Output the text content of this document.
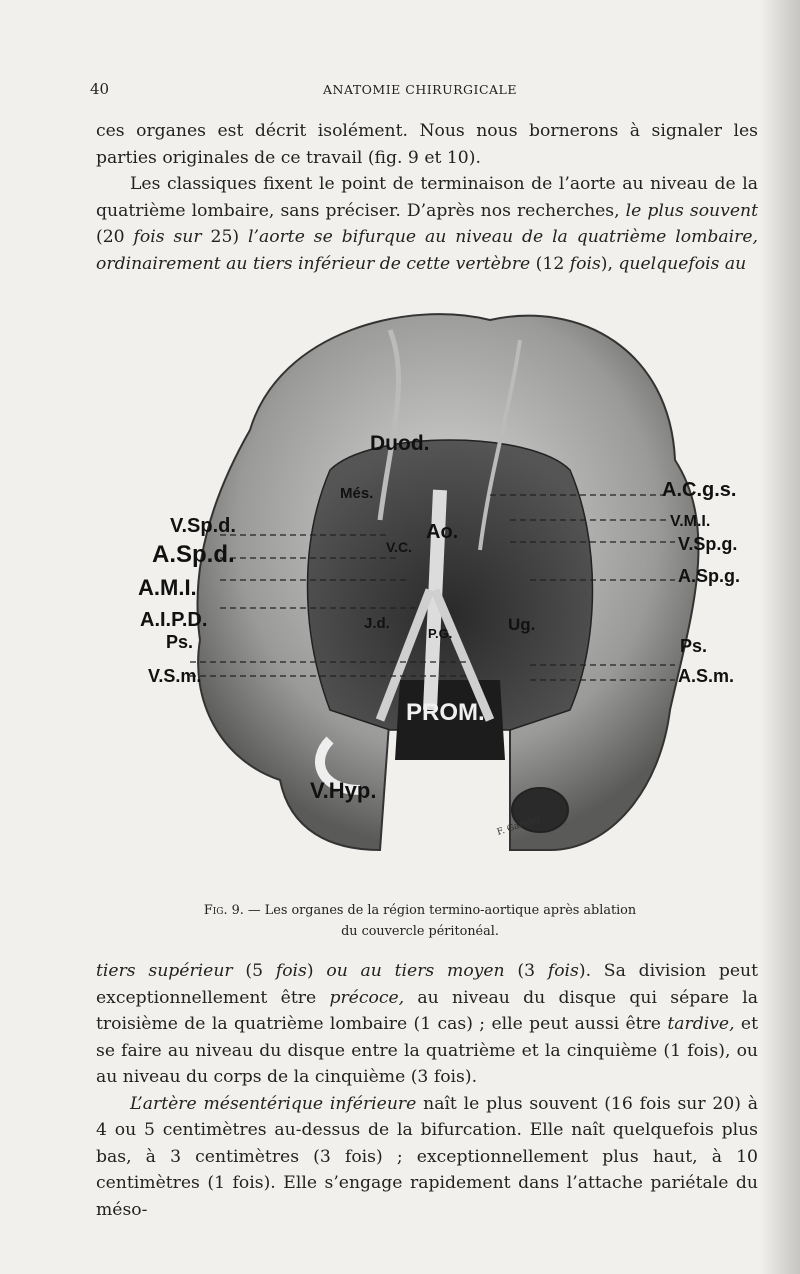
40	ANATOMIE CHIRURGICALE

ces organes est décrit isolément. Nous nous bornerons à signaler les parties originales de ce travail (fig. 9 et 10).

Les classiques fixent le point de terminaison de l’aorte au niveau de la quatrième lombaire, sans préciser. D’après nos recherches, le plus souvent (20 fois sur 25) l’aorte se bifurque au niveau de la quatrième lombaire, ordinairement au tiers inférieur de cette vertèbre (12 fois), quelquefois au

Duod.
Més.
Ao.
V.C.
J.d.
P.G.	Ug.
PROM.
V.Hyp.
V.Sp.d.
A.Sp.d.
A.M.I.
A.I.P.D.
Ps.
V.S.m.
A.C.g.s.
V.M.I.
V.Sp.g.
A.Sp.g.
Ps.
A.S.m.
F. Garnier
Fig. 9. — Les organes de la région termino-aortique après ablation
du couvercle péritonéal.

tiers supérieur (5 fois) ou au tiers moyen (3 fois). Sa division peut exceptionnellement être précoce, au niveau du disque qui sépare la troisième de la quatrième lombaire (1 cas) ; elle peut aussi être tardive, et se faire au niveau du disque entre la quatrième et la cinquième (1 fois), ou au niveau du corps de la cinquième (3 fois).

L’artère mésentérique inférieure naît le plus souvent (16 fois sur 20) à 4 ou 5 centimètres au-dessus de la bifurcation. Elle naît quelquefois plus bas, à 3 centimètres (3 fois) ; exceptionnellement plus haut, à 10 centimètres (1 fois). Elle s’engage rapidement dans l’attache pariétale du méso-
